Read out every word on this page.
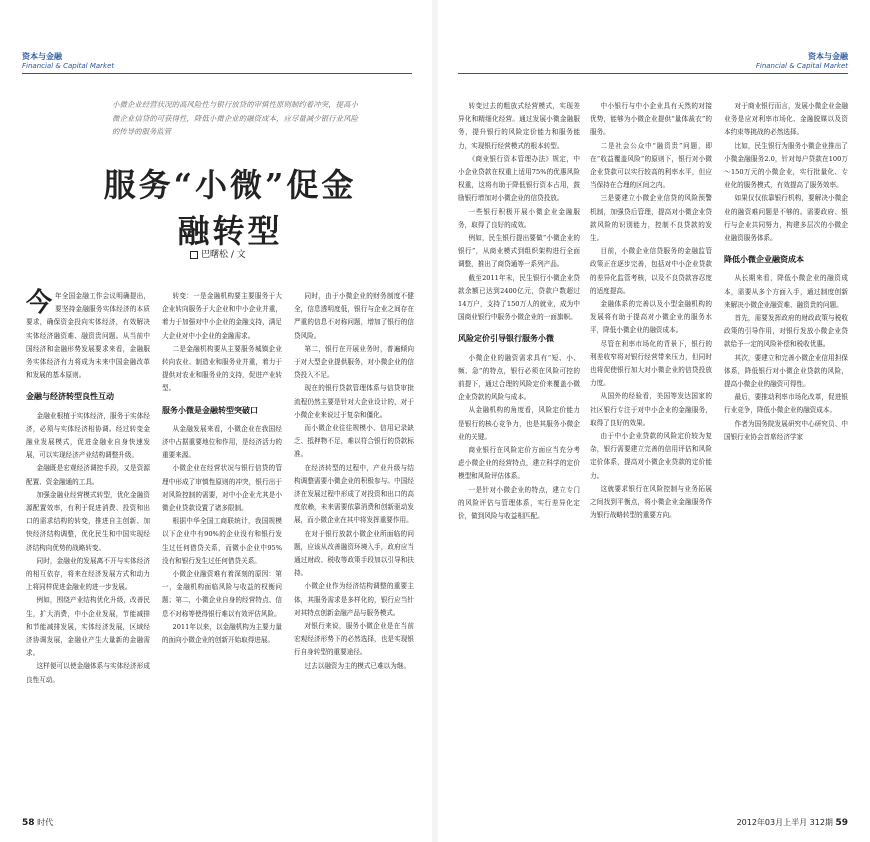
资本与金融
Financial & Capital Market
小微企业经营状况的高风险性与银行放贷的审慎性原则制约着冲突，提高小微企业信贷的可获得性，降低小微企业的融资成本，应尽量减少银行业风险的传导的服务监管
服务“小微”促金融转型
巴曙松 / 文

今年全国金融工作会议明确提出，要坚持金融服务实体经济的本质要求，确保资金投向实体经济，有效解决实体经济融资难、融资贵问题。从当前中国经济和金融形势发展要求来看，金融服务实体经济有力将成为未来中国金融改革和发展的基本原则。

金融与经济转型良性互动

金融业根植于实体经济，服务于实体经济，必须与实体经济相协调。经过转变金融业发展模式，促进金融业自身快速发展，可以实现经济产业结构调整升级。

金融既是宏观经济调控手段，又是资源配置、资金融通的工具。

加强金融业经营模式转型，优化金融资源配置效率，有利于促进消费、投资和出口的需求结构的转变，推进自主创新、加快经济结构调整，优化民生和中国实现经济结构向优势的战略转变。

同时，金融业的发展离不开与实体经济的相互依存，将来在经济发展方式和动力上将同样促进金融业的进一步发展。

例如，围绕产业结构优化升级，改善民生，扩大消费，中小企业发展，节能减排和节能减排发展，实体经济发展，区域经济协调发展，金融业产生大量新的金融需求。

这样便可以使金融体系与实体经济形成良性互动。

转变：一是金融机构要主要服务于大企业转向服务于大企业和中小企业并重，着力于加强对中小企业的金融支持，满足大企业对中小企业的金融需求。

二是金融机构要从主要服务城镇企业转向农业、制造业和服务业并重，着力于提供对农业和服务业的支持，促进产业转型。

服务小微是金融转型突破口

从金融发展来看，小微企业在我国经济中占据重要地位和作用，是经济活力的重要来源。

小微企业在经营状况与银行信贷的管理中形成了审慎性原则的冲突，银行出于对风险控制的需要，对中小企业尤其是小微企业贷款设置了诸多限制。

根据中华全国工商联统计，我国规模以下企业中有90%的企业没有和银行发生过任何借贷关系，而微小企业中95%没有和银行发生过任何借贷关系。

小微企业融资难有着深刻的原因：第一，金融机构面临风险与收益的权衡问题；第二，小微企业自身的经营特点、信息不对称等使得银行难以有效评估风险。

2011年以来，以金融机构为主要力量的面向小微企业的创新开始取得进展。

同时，由于小微企业的财务制度不健全，信息透明度低，银行与企业之间存在严重的信息不对称问题，增加了银行的信贷风险。

第二，银行在开展业务时，普遍倾向于对大型企业提供服务，对小微企业的信贷投入不足。

现在的银行贷款管理体系与信贷审批流程仍然主要是针对大企业设计的，对于小微企业来说过于复杂和僵化。

而小微企业往往规模小、信用记录缺乏、抵押物不足，难以符合银行的贷款标准。

在经济转型的过程中，产业升级与结构调整需要小微企业的积极参与。中国经济在发展过程中形成了对投资和出口的高度依赖，未来需要依靠消费和创新驱动发展，而小微企业在其中将发挥重要作用。

在对于银行放款小微企业所面临的问题，应该从改善融资环境入手，政府应当通过财政、税收等政策手段加以引导和扶持。

小微企业作为经济结构调整的重要主体，其服务需求是多样化的，银行应当针对其特点创新金融产品与服务模式。

对银行来说，服务小微企业是在当前宏观经济形势下的必然选择，也是实现银行自身转型的重要途径。

过去以融资为主的模式已难以为继。

58 时代
资本与金融
Financial & Capital Market

转变过去的粗放式经营模式，实现差异化和精细化经营。通过发展小微金融服务，提升银行的风险定价能力和服务能力，实现银行经营模式的根本转型。

《商业银行资本管理办法》规定，中小企业贷款在权重上适用75%的优惠风险权重，这将有助于降低银行资本占用，鼓励银行增加对小微企业的信贷投放。

一些银行积极开展小微企业金融服务，取得了良好的成效。

例如，民生银行提出要做“小微企业的银行”，从商业模式到组织架构进行全面调整，推出了商贷通等一系列产品。

截至2011年末，民生银行小微企业贷款余额已达到2400亿元，贷款户数超过14万户，支持了150万人的就业，成为中国商业银行中服务小微企业的一面旗帜。

风险定价引导银行服务小微

小微企业的融资需求具有“短、小、频、急”的特点，银行必须在风险可控的前提下，通过合理的风险定价来覆盖小微企业贷款的风险与成本。

从金融机构的角度看，风险定价能力是银行的核心竞争力，也是其服务小微企业的关键。

商业银行在风险定价方面应当充分考虑小微企业的经营特点，建立科学的定价模型和风险评估体系。

一是针对小微企业的特点，建立专门的风险评估与管理体系，实行差异化定价，做到风险与收益相匹配。

中小银行与中小企业具有天然的对接优势，能够为小微企业提供“量体裁衣”的服务。

二是社会公众中“融资贵”问题，即在“收益覆盖风险”的原则下，银行对小微企业贷款可以实行较高的利率水平，但应当保持在合理的区间之内。

三是要建立小微企业信贷的风险预警机制，加强贷后管理，提高对小微企业贷款风险的识别能力，控制不良贷款的发生。

目前，小微企业信贷服务的金融监管政策正在逐步完善，包括对中小企业贷款的差异化监管考核，以及不良贷款容忍度的适度提高。

金融体系的完善以及小型金融机构的发展将有助于提高对小微企业的服务水平，降低小微企业的融资成本。

尽管在利率市场化的背景下，银行的利差收窄将对银行经营带来压力，但同时也将促使银行加大对小微企业的信贷投放力度。

从国外的经验看，美国等发达国家的社区银行专注于对中小企业的金融服务，取得了良好的效果。

由于中小企业贷款的风险定价较为复杂，银行需要建立完善的信用评估和风险定价体系，提高对小微企业贷款的定价能力。

这就要求银行在风险控制与业务拓展之间找到平衡点，将小微企业金融服务作为银行战略转型的重要方向。

对于商业银行而言，发展小微企业金融业务是应对利率市场化、金融脱媒以及资本约束等挑战的必然选择。

比如，民生银行为服务小微企业推出了小微金融服务2.0，针对每户贷款在100万～150万元的小微企业，实行批量化、专业化的服务模式，有效提高了服务效率。

如果仅仅依靠银行机构，要解决小微企业的融资难问题是不够的。需要政府、银行与企业共同努力，构建多层次的小微企业融资服务体系。

降低小微企业融资成本

从长期来看，降低小微企业的融资成本，需要从多个方面入手，通过制度创新来解决小微企业融资难、融资贵的问题。

首先，需要发挥政府的财政政策与税收政策的引导作用，对银行发放小微企业贷款给予一定的风险补偿和税收优惠。

其次，要建立和完善小微企业信用担保体系，降低银行对小微企业贷款的风险，提高小微企业的融资可得性。

最后，要推动利率市场化改革，促进银行业竞争，降低小微企业的融资成本。

作者为国务院发展研究中心研究员、中国银行业协会首席经济学家

2012年03月上半月 312期 59
